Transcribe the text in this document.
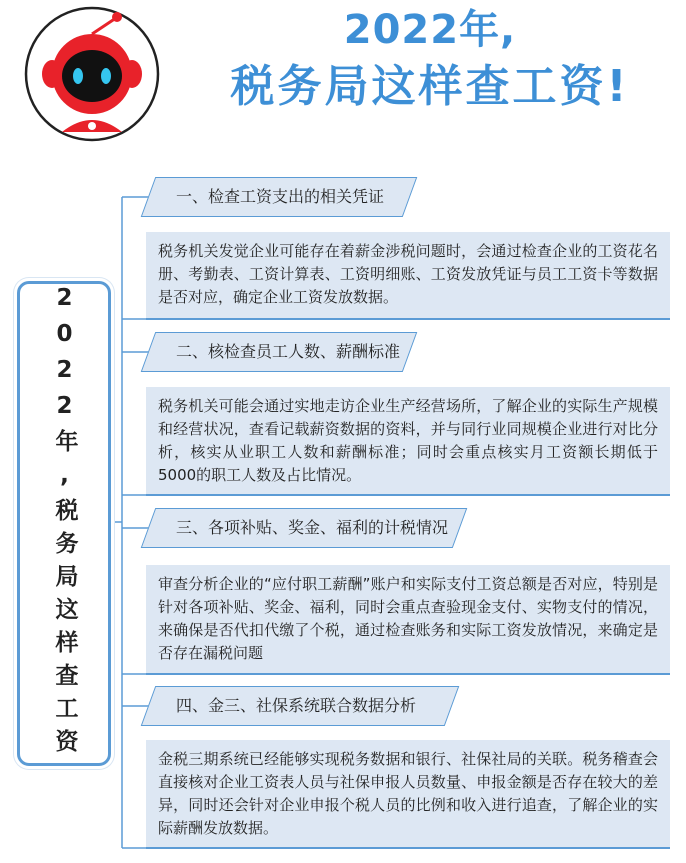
2022年,
税务局这样查工资!
2022年,税务局这样查工资
一、检查工资支出的相关凭证
税务机关发觉企业可能存在着薪金涉税问题时，会通过检查企业的工资花名册、考勤表、工资计算表、工资明细账、工资发放凭证与员工工资卡等数据是否对应，确定企业工资发放数据。
二、核检查员工人数、薪酬标准
税务机关可能会通过实地走访企业生产经营场所，了解企业的实际生产规模和经营状况，查看记载薪资数据的资料，并与同行业同规模企业进行对比分析，核实从业职工人数和薪酬标准；同时会重点核实月工资额长期低于5000的职工人数及占比情况。
三、各项补贴、奖金、福利的计税情况
审查分析企业的“应付职工薪酬”账户和实际支付工资总额是否对应，特别是针对各项补贴、奖金、福利，同时会重点查验现金支付、实物支付的情况，来确保是否代扣代缴了个税，通过检查账务和实际工资发放情况，来确定是否存在漏税问题
四、金三、社保系统联合数据分析
金税三期系统已经能够实现税务数据和银行、社保社局的关联。税务稽查会直接核对企业工资表人员与社保申报人员数量、申报金额是否存在较大的差异，同时还会针对企业申报个税人员的比例和收入进行追查，了解企业的实际薪酬发放数据。
